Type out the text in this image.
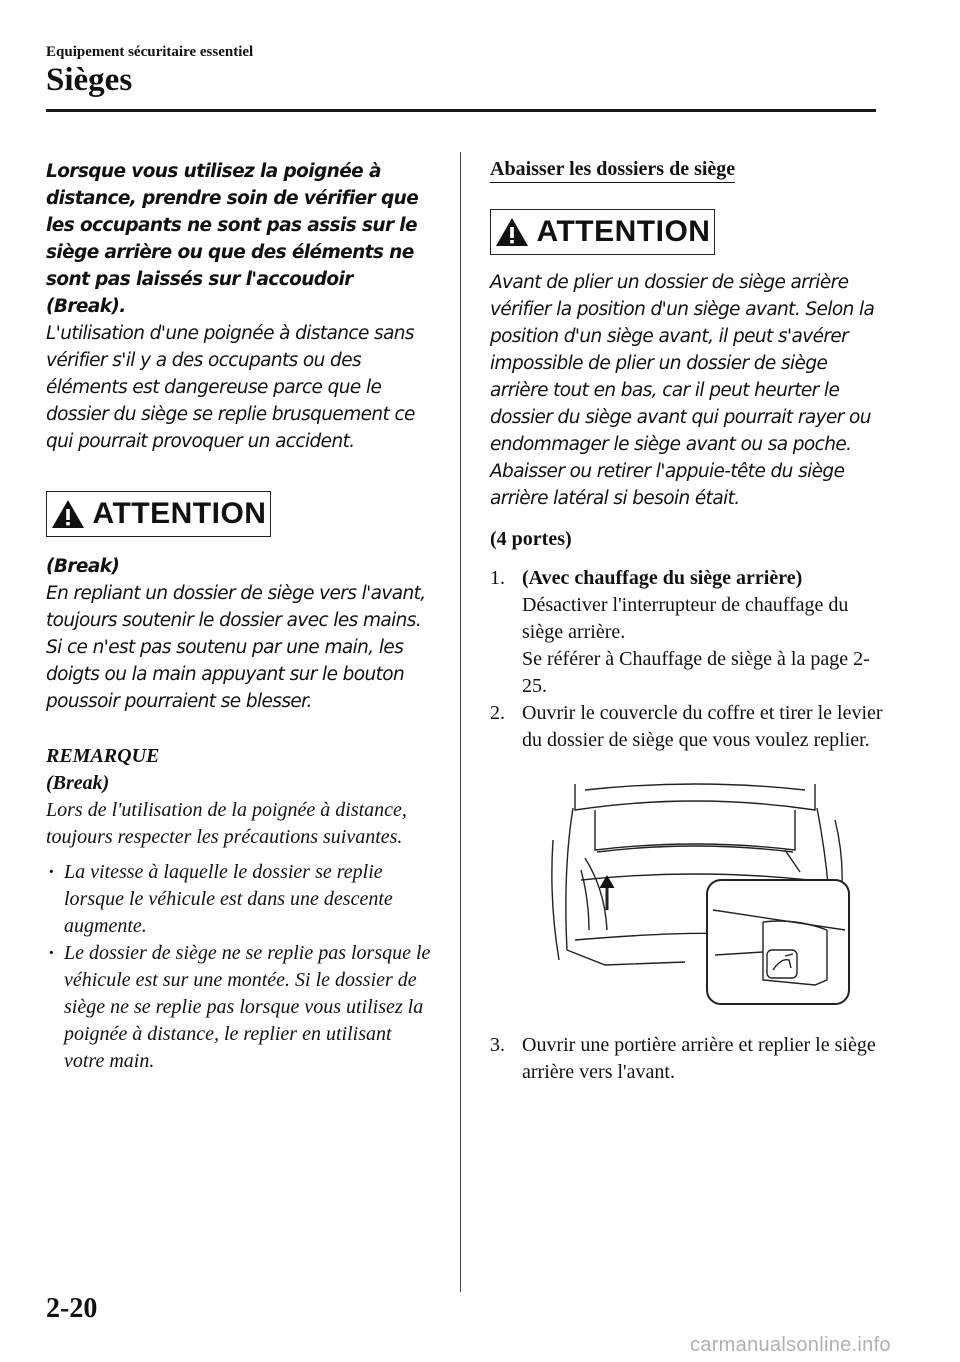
Equipement sécuritaire essentiel
Sièges

Lorsque vous utilisez la poignée à distance, prendre soin de vérifier que les occupants ne sont pas assis sur le siège arrière ou que des éléments ne sont pas laissés sur l'accoudoir (Break).

L'utilisation d'une poignée à distance sans vérifier s'il y a des occupants ou des éléments est dangereuse parce que le dossier du siège se replie brusquement ce qui pourrait provoquer un accident.

ATTENTION

(Break)

En repliant un dossier de siège vers l'avant, toujours soutenir le dossier avec les mains. Si ce n'est pas soutenu par une main, les doigts ou la main appuyant sur le bouton poussoir pourraient se blesser.

REMARQUE
(Break)
Lors de l'utilisation de la poignée à distance, toujours respecter les précautions suivantes.
· La vitesse à laquelle le dossier se replie lorsque le véhicule est dans une descente augmente.
· Le dossier de siège ne se replie pas lorsque le véhicule est sur une montée. Si le dossier de siège ne se replie pas lorsque vous utilisez la poignée à distance, le replier en utilisant votre main.
Abaisser les dossiers de siège
ATTENTION

Avant de plier un dossier de siège arrière vérifier la position d'un siège avant. Selon la position d'un siège avant, il peut s'avérer impossible de plier un dossier de siège arrière tout en bas, car il peut heurter le dossier du siège avant qui pourrait rayer ou endommager le siège avant ou sa poche. Abaisser ou retirer l'appuie-tête du siège arrière latéral si besoin était.

(4 portes)
1. (Avec chauffage du siège arrière)
Désactiver l'interrupteur de chauffage du siège arrière.
Se référer à Chauffage de siège à la page 2-25.
2. Ouvrir le couvercle du coffre et tirer le levier du dossier de siège que vous voulez replier.
3. Ouvrir une portière arrière et replier le siège arrière vers l'avant.
2-20
carmanualsonline.info
